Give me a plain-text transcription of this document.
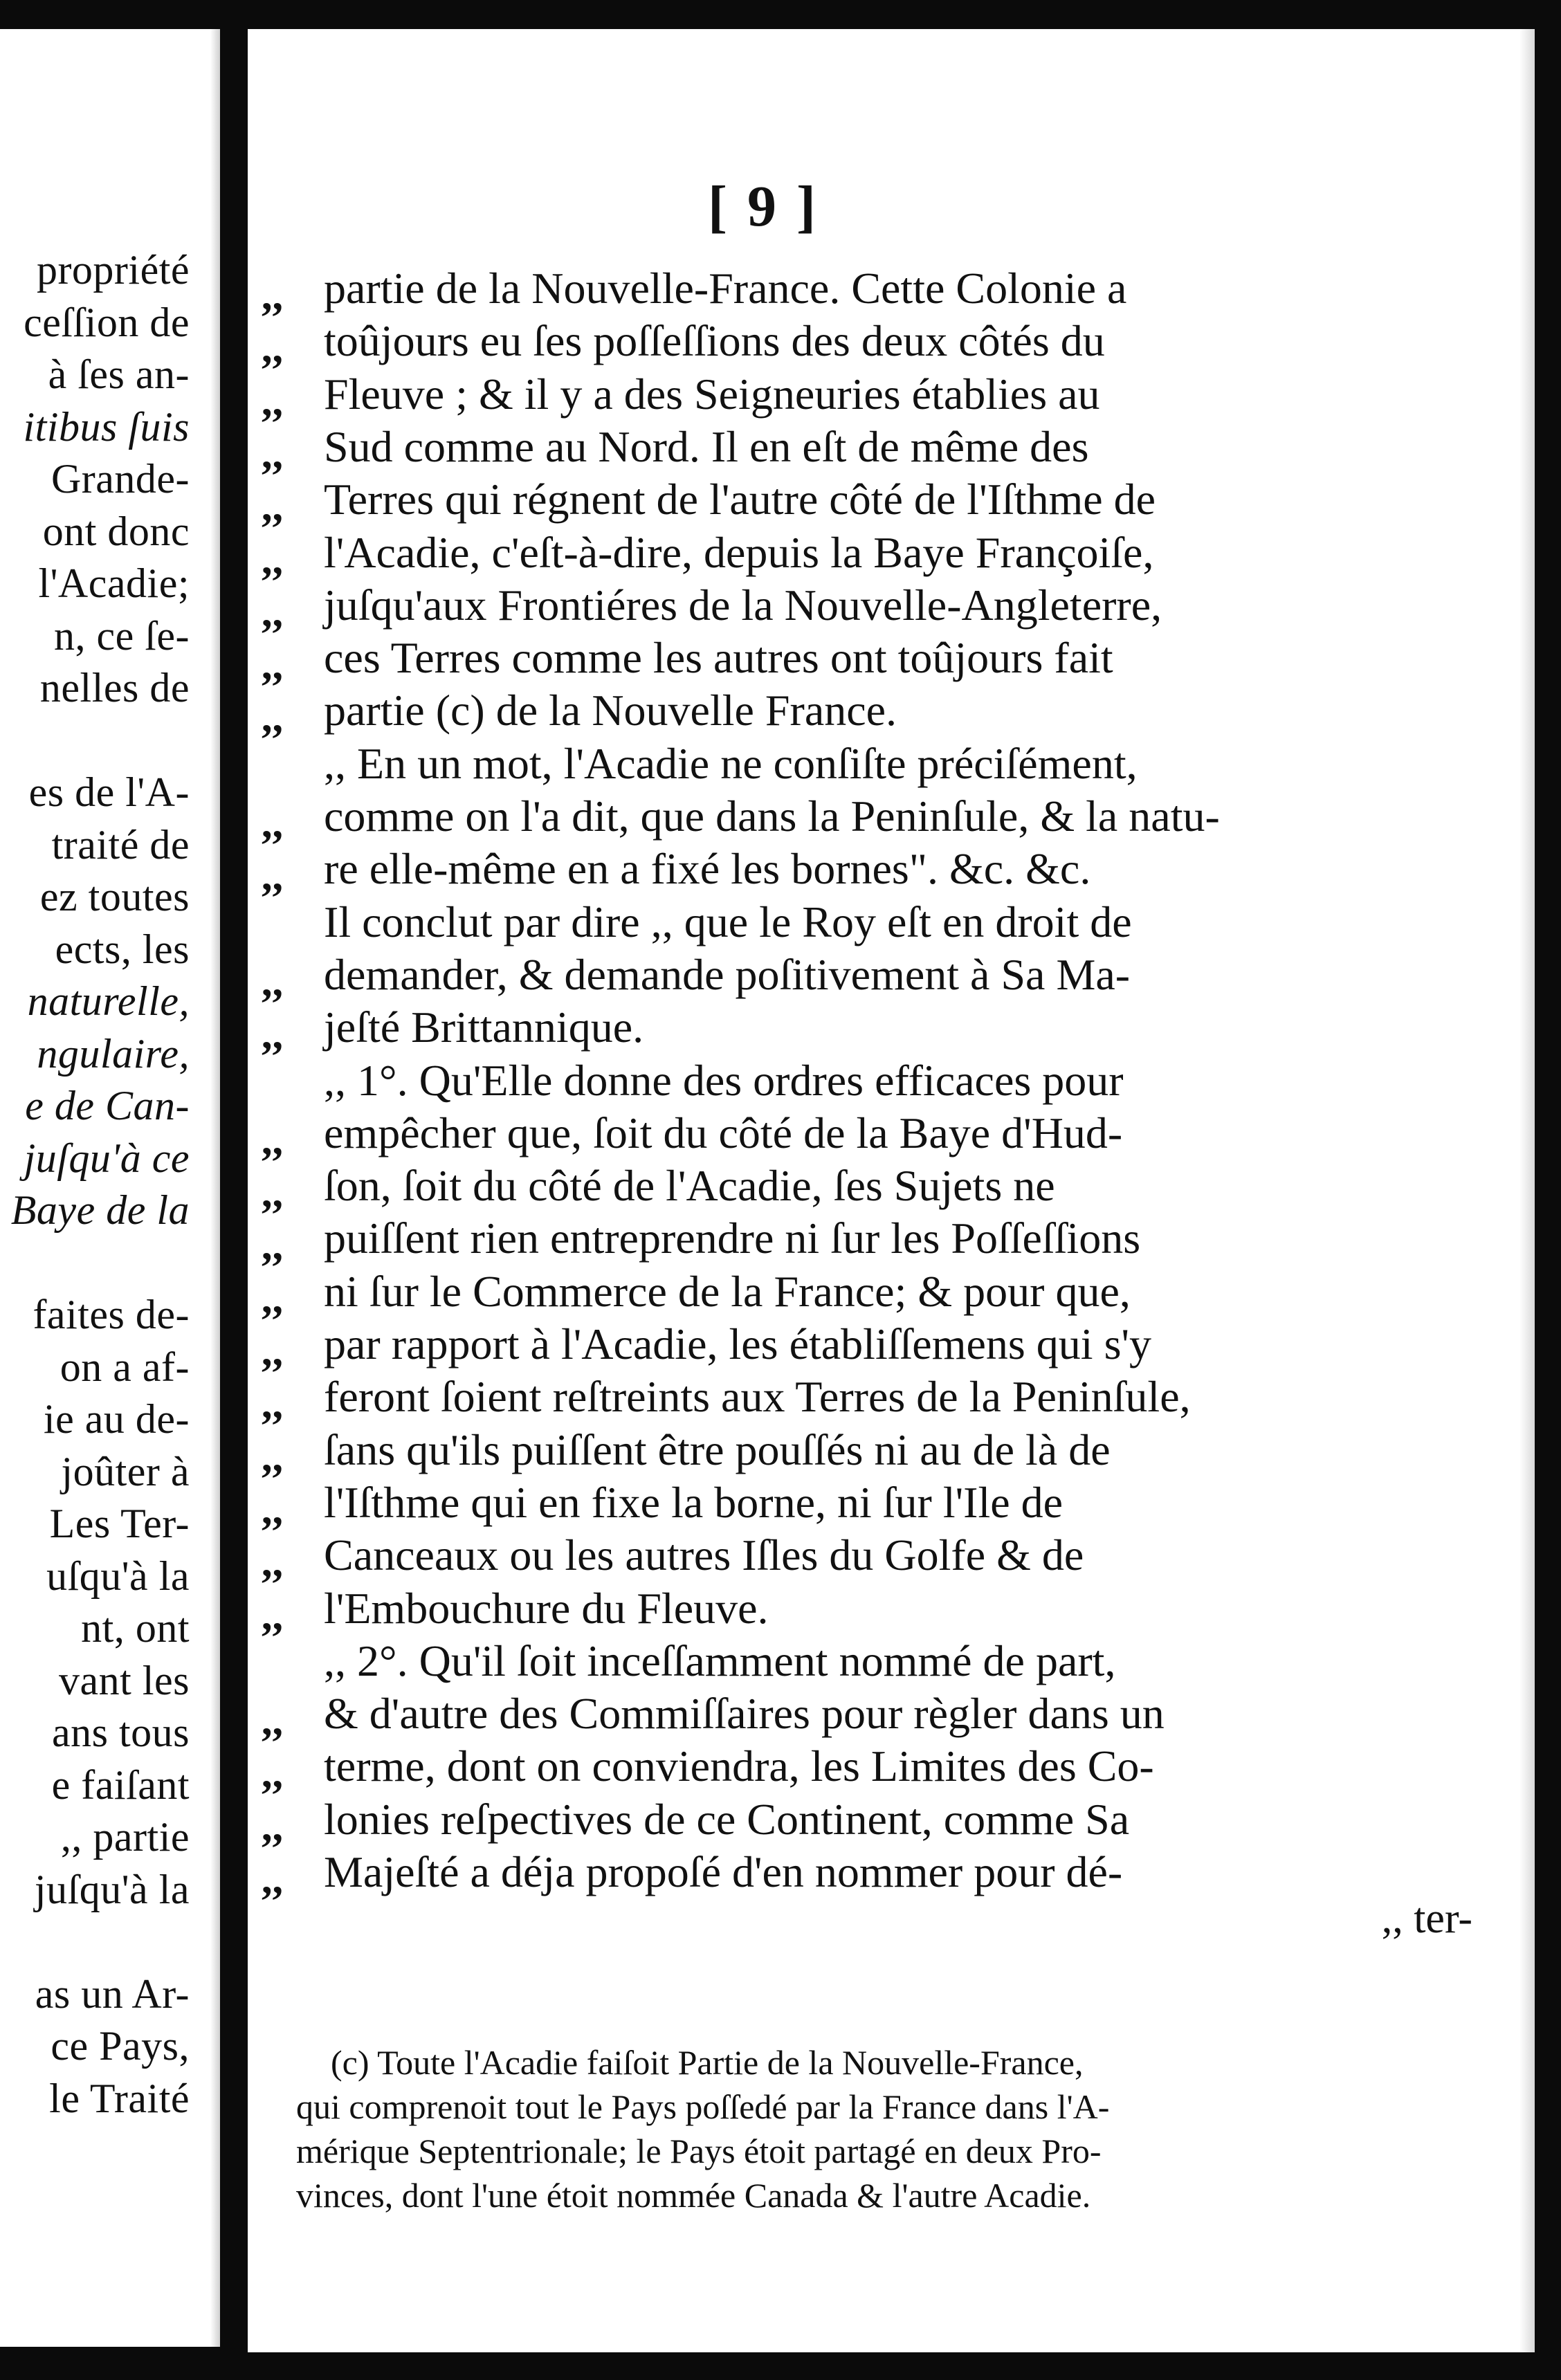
propriété
ceſſion de
à ſes an-
itibus ſuis
Grande-
ont donc
l'Acadie;
n, ce ſe-
nelles de
es de l'A-
traité de
ez toutes
ects, les
naturelle,
ngulaire,
e de Can-
juſqu'à ce
Baye de la
faites de-
on a af-
ie au de-
joûter à
Les Ter-
uſqu'à la
nt, ont
vant les
ans tous
e faiſant
,, partie
juſqu'à la
as un Ar-
ce Pays,
le Traité
[ 9 ]
,, partie de la Nouvelle-France. Cette Colonie a
,, toûjours eu ſes poſſeſſions des deux côtés du
,, Fleuve ; & il y a des Seigneuries établies au
,, Sud comme au Nord. Il en eſt de même des
,, Terres qui régnent de l'autre côté de l'Iſthme de
,, l'Acadie, c'eſt-à-dire, depuis la Baye Françoiſe,
,, juſqu'aux Frontiéres de la Nouvelle-Angleterre,
,, ces Terres comme les autres ont toûjours fait
,, partie (c) de la Nouvelle France.
,, En un mot, l'Acadie ne conſiſte préciſément,
,, comme on l'a dit, que dans la Peninſule, & la natu-
,, re elle-même en a fixé les bornes". &c. &c.
Il conclut par dire ,, que le Roy eſt en droit de
,, demander, & demande poſitivement à Sa Ma-
,, jeſté Brittannique.
,, 1°. Qu'Elle donne des ordres efficaces pour
,, empêcher que, ſoit du côté de la Baye d'Hud-
,, ſon, ſoit du côté de l'Acadie, ſes Sujets ne
,, puiſſent rien entreprendre ni ſur les Poſſeſſions
,, ni ſur le Commerce de la France; & pour que,
,, par rapport à l'Acadie, les établiſſemens qui s'y
,, feront ſoient reſtreints aux Terres de la Peninſule,
,, ſans qu'ils puiſſent être pouſſés ni au de là de
,, l'Iſthme qui en fixe la borne, ni ſur l'Ile de
,, Canceaux ou les autres Iſles du Golfe & de
,, l'Embouchure du Fleuve.
,, 2°. Qu'il ſoit inceſſamment nommé de part,
,, & d'autre des Commiſſaires pour règler dans un
,, terme, dont on conviendra, les Limites des Co-
,, lonies reſpectives de ce Continent, comme Sa
,, Majeſté a déja propoſé d'en nommer pour dé-
,, ter-
(c) Toute l'Acadie faiſoit Partie de la Nouvelle-France,
qui comprenoit tout le Pays poſſedé par la France dans l'A-
mérique Septentrionale; le Pays étoit partagé en deux Pro-
vinces, dont l'une étoit nommée Canada & l'autre Acadie.
